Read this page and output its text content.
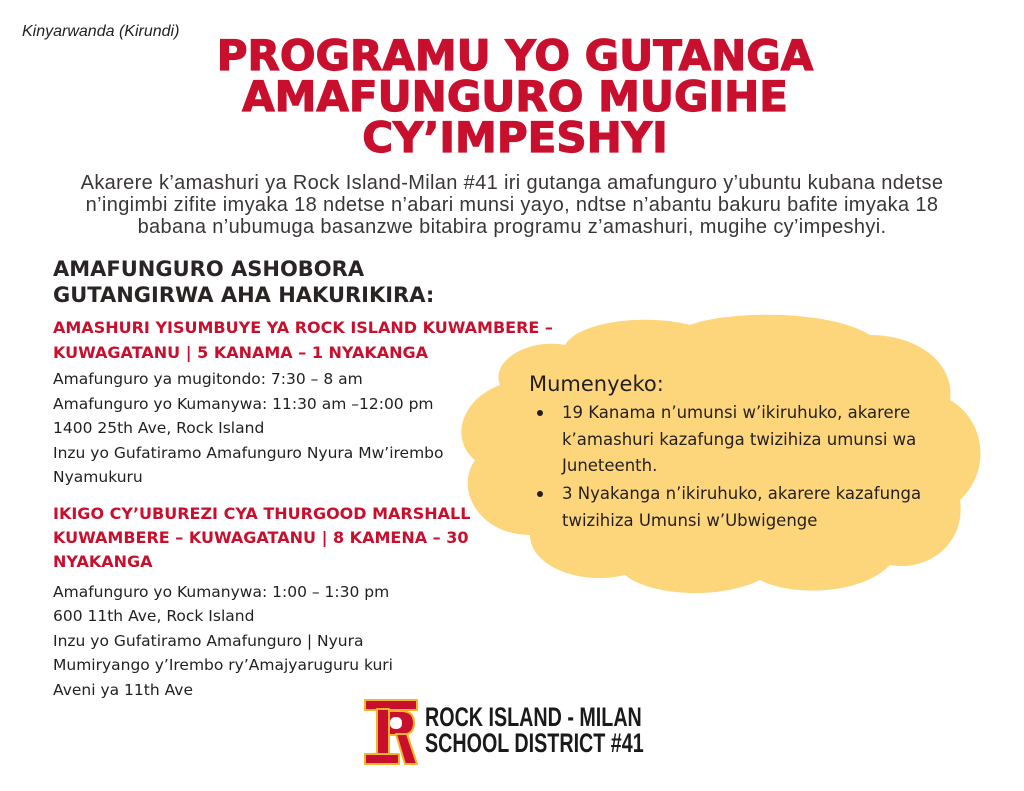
Kinyarwanda (Kirundi) PROGRAMU YO GUTANGA
AMAFUNGURO MUGIHE
CY’IMPESHYI
Akarere k’amashuri ya Rock Island-Milan #41 iri gutanga amafunguro y’ubuntu kubana ndetse
n’ingimbi zifite imyaka 18 ndetse n’abari munsi yayo, ndtse n’abantu bakuru bafite imyaka 18
babana n’ubumuga basanzwe bitabira programu z’amashuri, mugihe cy’impeshyi.
AMAFUNGURO ASHOBORA
GUTANGIRWA AHA HAKURIKIRA:
AMASHURI YISUMBUYE YA ROCK ISLAND KUWAMBERE –
KUWAGATANU | 5 KANAMA – 1 NYAKANGA
Amafunguro ya mugitondo: 7:30 – 8 am
Amafunguro yo Kumanywa: 11:30 am –12:00 pm
1400 25th Ave, Rock Island
Inzu yo Gufatiramo Amafunguro Nyura Mw’irembo
Nyamukuru
IKIGO CY’UBUREZI CYA THURGOOD MARSHALL
KUWAMBERE – KUWAGATANU | 8 KAMENA – 30
NYAKANGA
Amafunguro yo Kumanywa: 1:00 – 1:30 pm
600 11th Ave, Rock Island
Inzu yo Gufatiramo Amafunguro | Nyura
Mumiryango y’Irembo ry’Amajyaruguru kuri
Aveni ya 11th Ave
Mumenyeko:
19 Kanama n’umunsi w’ikiruhuko, akarere
k’amashuri kazafunga twizihiza umunsi wa
Juneteenth.
3 Nyakanga n’ikiruhuko, akarere kazafunga
twizihiza Umunsi w’Ubwigenge
ROCK ISLAND - MILAN
SCHOOL DISTRICT #41
